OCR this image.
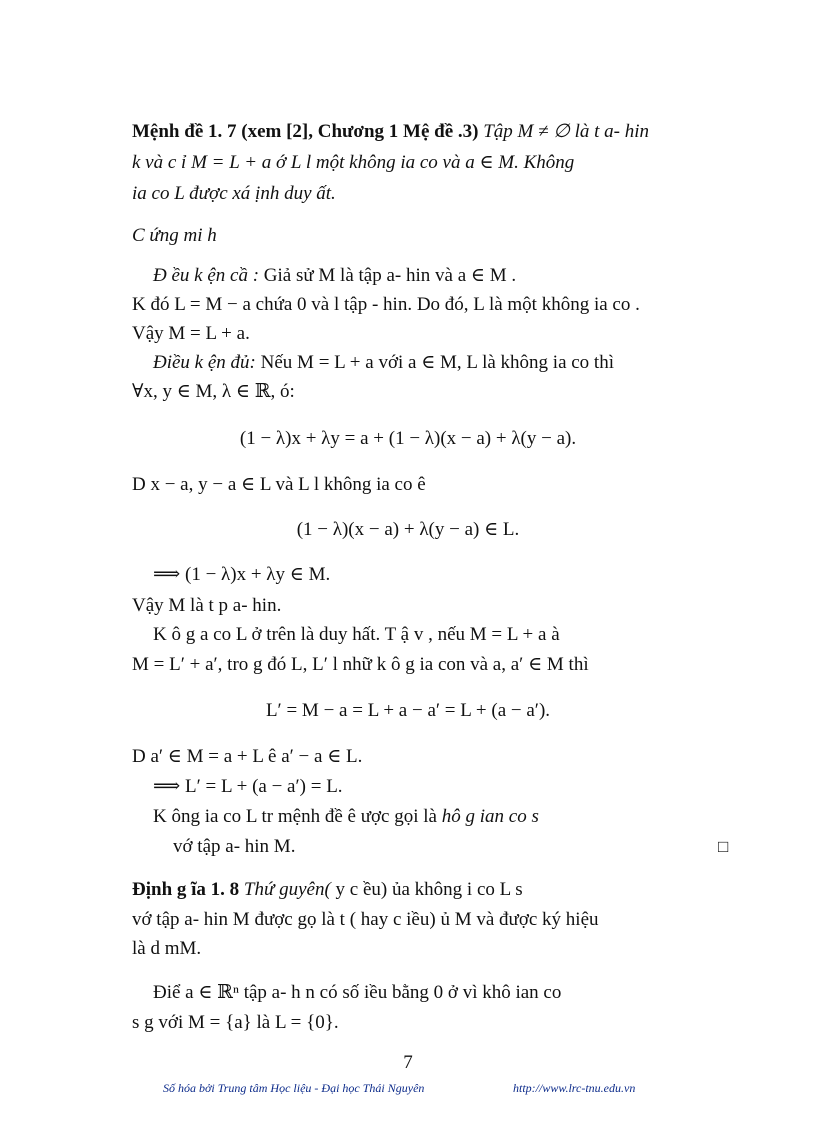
Mệnh đề 1. 7 (xem [2], Chương 1 Mệ đề .3) Tập M ≠ ∅ là t a- hin
k và c ỉ M = L + a ớ L l một không ia co và a ∈ M. Không
ia co L được xá ịnh duy ất.
C ứng mi h
Đ ều k ện cầ : Giả sử M là tập a- hin và a ∈ M .
K đó L = M − a chứa 0 và l tập - hin. Do đó, L là một không ia co .
Vậy M = L + a.
Điều k ện đủ: Nếu M = L + a với a ∈ M, L là không ia co thì
∀x, y ∈ M, λ ∈ ℝ, ó:
(1 − λ)x + λy = a + (1 − λ)(x − a) + λ(y − a).
D x − a, y − a ∈ L và L l không ia co ê
(1 − λ)(x − a) + λ(y − a) ∈ L.
⟹ (1 − λ)x + λy ∈ M.
Vậy M là t p a- hin.
K ô g a co L ở trên là duy hất. T ậ v , nếu M = L + a à
M = L′ + a′, tro g đó L, L′ l nhữ k ô g ia con và a, a′ ∈ M thì
L′ = M − a = L + a − a′ = L + (a − a′).
D a′ ∈ M = a + L ê a′ − a ∈ L.
⟹ L′ = L + (a − a′) = L.
K ông ia co L tr mệnh đề ê ược gọi là hô g ian co s
vớ tập a- hin M.	□
Định g ĩa 1. 8 Thứ guyên( y c ều) ủa không i co L s
vớ tập a- hin M được gọ là t ( hay c iều) ủ M và được ký hiệu
là d mM.
Điể a ∈ ℝⁿ tập a- h n có số iều bằng 0 ở vì khô ian co
s g với M = {a} là L = {0}.
7
Số hóa bởi Trung tâm Học liệu - Đại học Thái Nguyên	http://www.lrc-tnu.edu.vn
